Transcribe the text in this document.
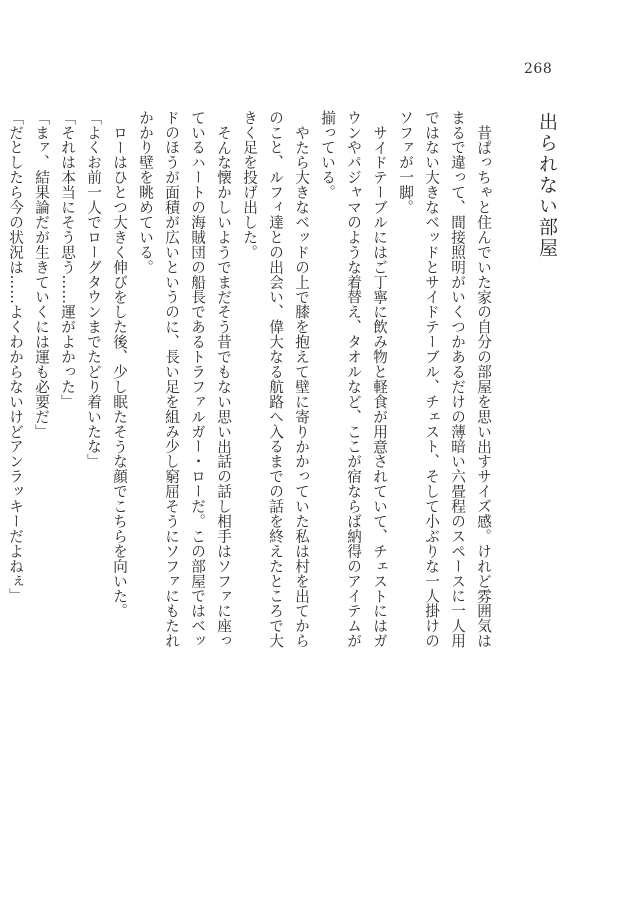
268
出られない部屋

昔ぱっちゃと住んでいた家の自分の部屋を思い出すサイズ感。けれど雰囲気はまるで違って、間接照明がいくつかあるだけの薄暗い六畳程のスペースに一人用ではない大きなベッドとサイドテーブル、チェスト、そして小ぶりな一人掛けのソファが一脚。

サイドテーブルにはご丁寧に飲み物と軽食が用意されていて、チェストにはガウンやパジャマのような着替え、タオルなど、ここが宿ならば納得のアイテムが揃っている。

やたら大きなベッドの上で膝を抱えて壁に寄りかかっていた私は村を出てからのこと、ルフィ達との出会い、偉大なる航路へ入るまでの話を終えたところで大きく足を投げ出した。

そんな懐かしいようでまだそう昔でもない思い出話の話し相手はソファに座っているハートの海賊団の船長であるトラファルガー・ローだ。この部屋ではベッドのほうが面積が広いというのに、長い足を組み少し窮屈そうにソファにもたれかかり壁を眺めている。

ローはひとつ大きく伸びをした後、少し眠たそうな顔でこちらを向いた。

「よくお前一人でローグタウンまでたどり着いたな」

「それは本当にそう思う……運がよかった」

「まァ、結果論だが生きていくには運も必要だ」

「だとしたら今の状況は……よくわからないけどアンラッキーだよねぇ」
